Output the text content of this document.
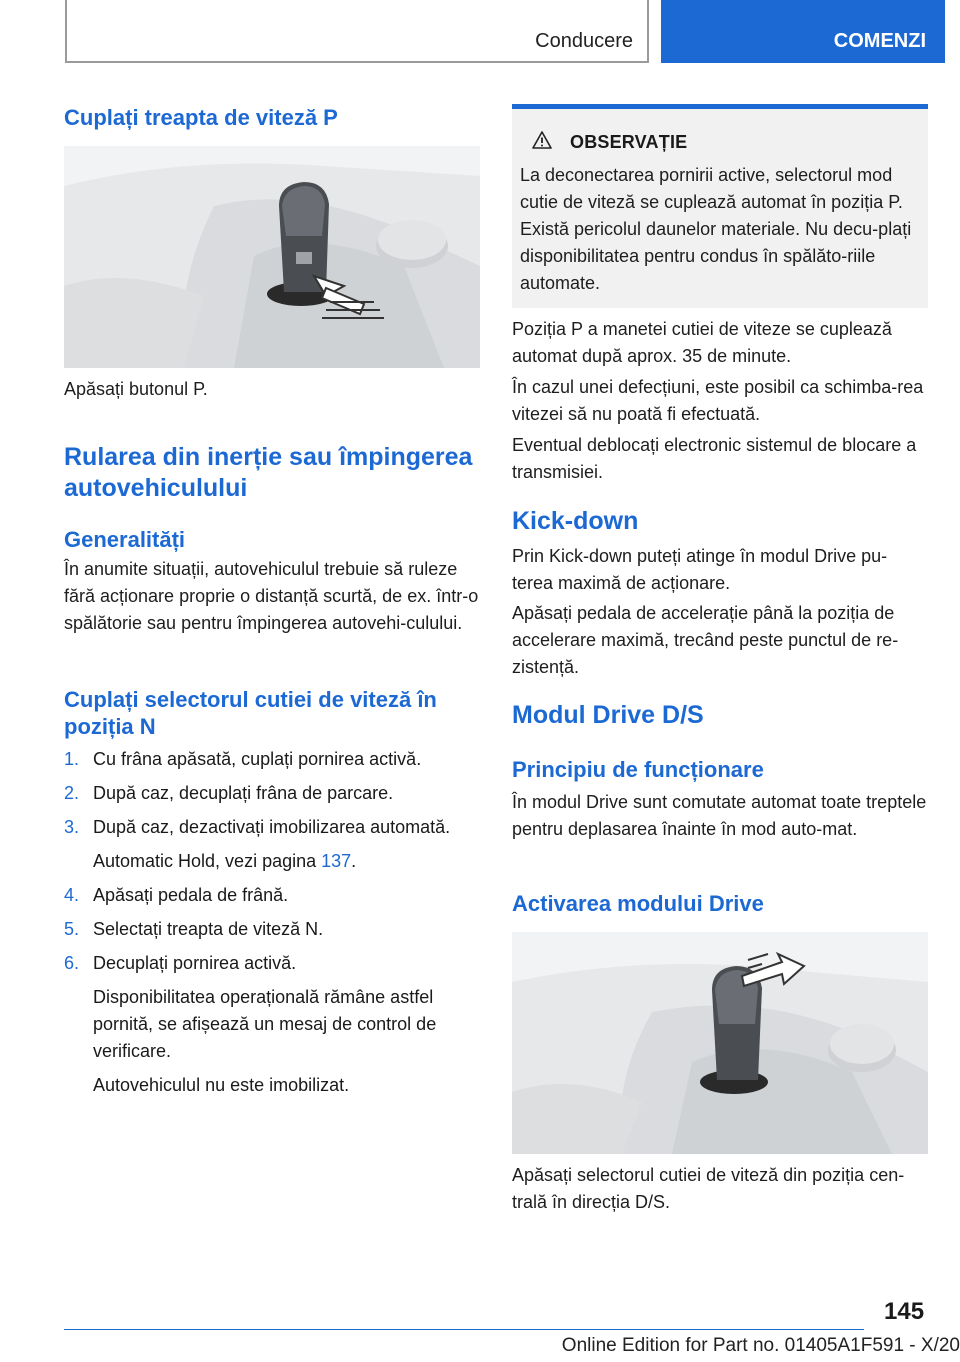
Conducere	COMENZI
Cuplați treapta de viteză P

Apăsați butonul P.

Rularea din inerție sau împingerea autovehiculului
Generalități

În anumite situații, autovehiculul trebuie să ruleze fără acționare proprie o distanță scurtă, de ex. într-o spălătorie sau pentru împingerea autovehi-culului.

Cuplați selectorul cutiei de viteză în poziția N
1. Cu frâna apăsată, cuplați pornirea activă.
2. După caz, decuplați frâna de parcare.
3. După caz, dezactivați imobilizarea automată.
Automatic Hold, vezi pagina 137.
4. Apăsați pedala de frână.
5. Selectați treapta de viteză N.
6. Decuplați pornirea activă.
Disponibilitatea operațională rămâne astfel pornită, se afișează un mesaj de control de verificare.
Autovehiculul nu este imobilizat.
OBSERVAȚIE

La deconectarea pornirii active, selectorul mod cutie de viteză se cuplează automat în poziția P. Există pericolul daunelor materiale. Nu decu-plați disponibilitatea pentru condus în spălăto-riile automate.

Poziția P a manetei cutiei de viteze se cuplează automat după aprox. 35 de minute.

În cazul unei defecțiuni, este posibil ca schimba-rea vitezei să nu poată fi efectuată.

Eventual deblocați electronic sistemul de blocare a transmisiei.

Kick-down

Prin Kick-down puteți atinge în modul Drive pu-terea maximă de acționare.

Apăsați pedala de accelerație până la poziția de accelerare maximă, trecând peste punctul de re-zistență.

Modul Drive D/S
Principiu de funcționare

În modul Drive sunt comutate automat toate treptele pentru deplasarea înainte în mod auto-mat.

Activarea modului Drive

Apăsați selectorul cutiei de viteză din poziția cen-trală în direcția D/S.

145
Online Edition for Part no. 01405A1F591 - X/20
